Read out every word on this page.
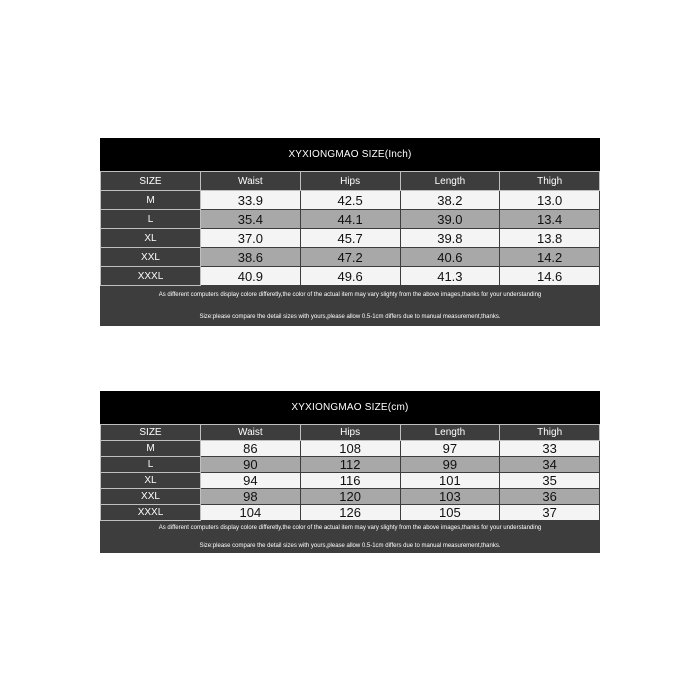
XYXIONGMAO SIZE(Inch)
SIZE	Waist	Hips	Length	Thigh
M	33.9	42.5	38.2	13.0
L	35.4	44.1	39.0	13.4
XL	37.0	45.7	39.8	13.8
XXL	38.6	47.2	40.6	14.2
XXXL	40.9	49.6	41.3	14.6
As different computers display colore differetly,the color of the actual item may vary slighty from the above images,thanks for your understanding
Size:please compare the detail sizes with yours,please allow 0.5-1cm differs due to manual measurement,thanks.
XYXIONGMAO SIZE(cm)
SIZE	Waist	Hips	Length	Thigh
M	86	108	97	33
L	90	112	99	34
XL	94	116	101	35
XXL	98	120	103	36
XXXL	104	126	105	37
As different computers display colore differetly,the color of the actual item may vary slighty from the above images,thanks for your understanding
Size:please compare the detail sizes with yours,please allow 0.5-1cm differs due to manual measurement,thanks.
